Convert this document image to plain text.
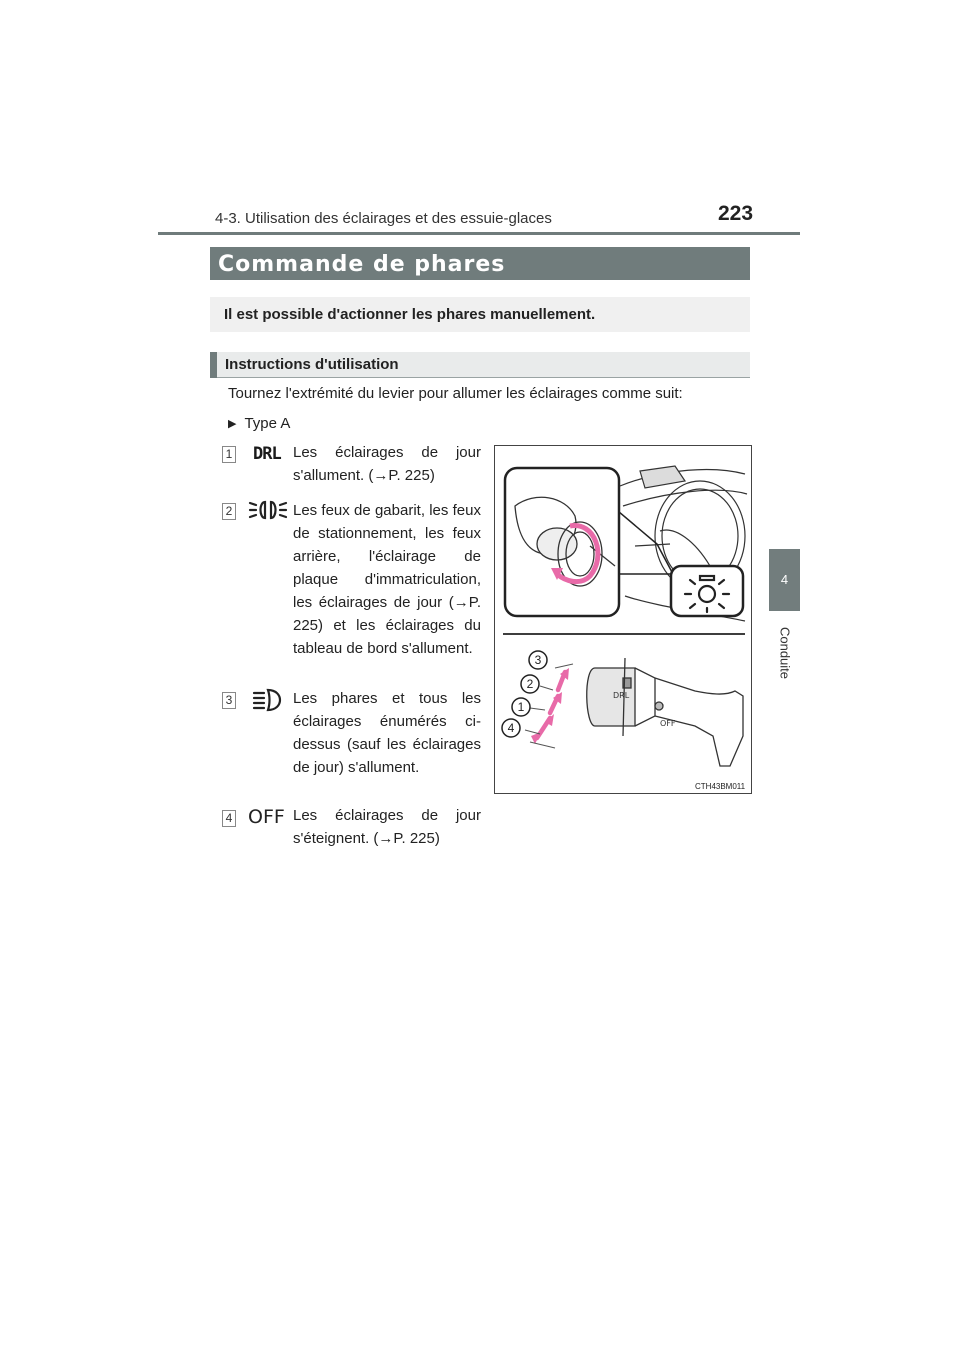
4-3. Utilisation des éclairages et des essuie-glaces	223
4
Conduite
Commande de phares
Il est possible d'actionner les phares manuellement.
Instructions d'utilisation
Tournez l'extrémité du levier pour allumer les éclairages comme suit:
▶ Type A
1 DRL Les éclairages de jour s'allument. (→P. 225)
2	Les feux de gabarit, les feux de stationnement, les feux arrière, l'éclairage de plaque d'immatriculation, les éclairages de jour (→P. 225) et les éclairages du tableau de bord s'allument.
3	Les phares et tous les éclairages énumérés ci-dessus (sauf les éclairages de jour) s'allument.
4 OFF Les éclairages de jour s'éteignent. (→P. 225)
DRL
OFF
3
2
1
4
CTH43BM011
